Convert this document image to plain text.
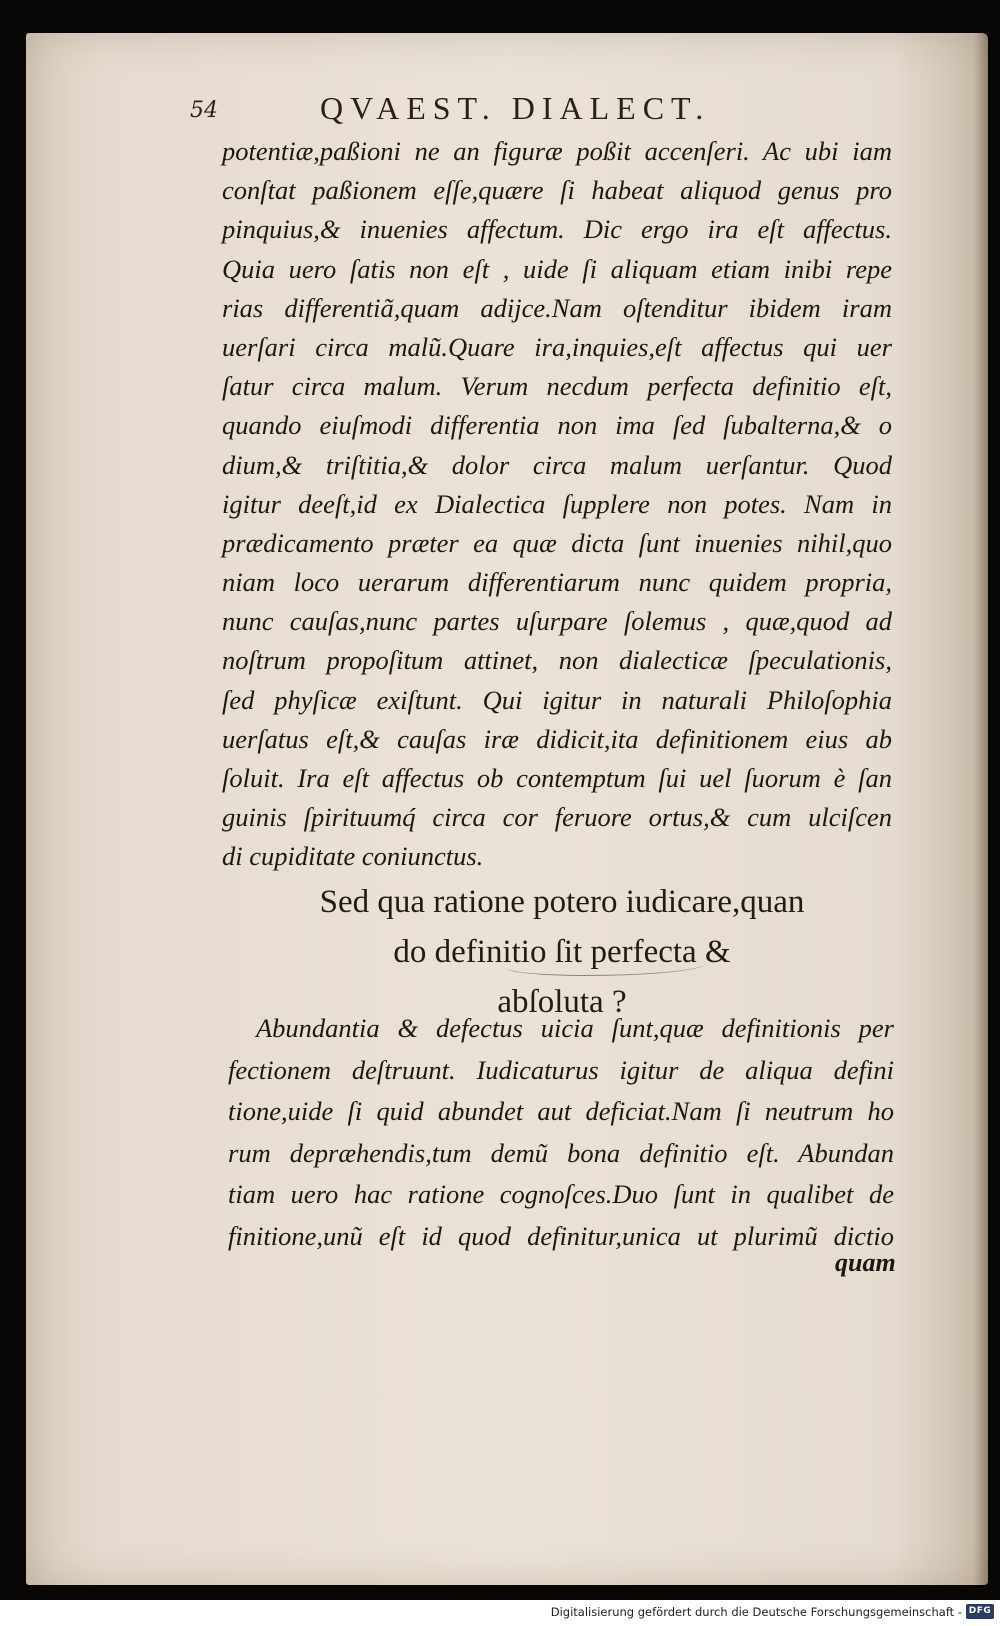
54	QVAEST. DIALECT.
potentiæ,paßioni ne an figuræ poßit accenſeri. Ac ubi iam
conſtat paßionem eſſe,quære ſi habeat aliquod genus pro
pinquius,& inuenies affectum. Dic ergo ira eſt affectus.
Quia uero ſatis non eſt , uide ſi aliquam etiam inibi repe
rias differentiã,quam adijce.Nam oſtenditur ibidem iram
uerſari circa malũ.Quare ira,inquies,eſt affectus qui uer
ſatur circa malum. Verum necdum perfecta definitio eſt,
quando eiuſmodi differentia non ima ſed ſubalterna,& o
dium,& triſtitia,& dolor circa malum uerſantur. Quod
igitur deeſt,id ex Dialectica ſupplere non potes. Nam in
prædicamento præter ea quæ dicta ſunt inuenies nihil,quo
niam loco uerarum differentiarum nunc quidem propria,
nunc cauſas,nunc partes uſurpare ſolemus , quæ,quod ad
noſtrum propoſitum attinet, non dialecticæ ſpeculationis,
ſed phyſicæ exiſtunt. Qui igitur in naturali Philoſophia
uerſatus eſt,& cauſas iræ didicit,ita definitionem eius ab
ſoluit. Ira eſt affectus ob contemptum ſui uel ſuorum è ſan
guinis ſpirituumq́ circa cor feruore ortus,& cum ulciſcen
di cupiditate coniunctus.
Sed qua ratione potero iudicare,quan
do definitio ſit perfecta &
abſoluta ?
Abundantia & defectus uicia ſunt,quæ definitionis per
fectionem deſtruunt. Iudicaturus igitur de aliqua defini
tione,uide ſi quid abundet aut deficiat.Nam ſi neutrum ho
rum depræhendis,tum demũ bona definitio eſt. Abundan
tiam uero hac ratione cognoſces.Duo ſunt in qualibet de
finitione,unũ eſt id quod definitur,unica ut plurimũ dictio
quam
Digitalisierung gefördert durch die Deutsche Forschungsgemeinschaft - DFG
